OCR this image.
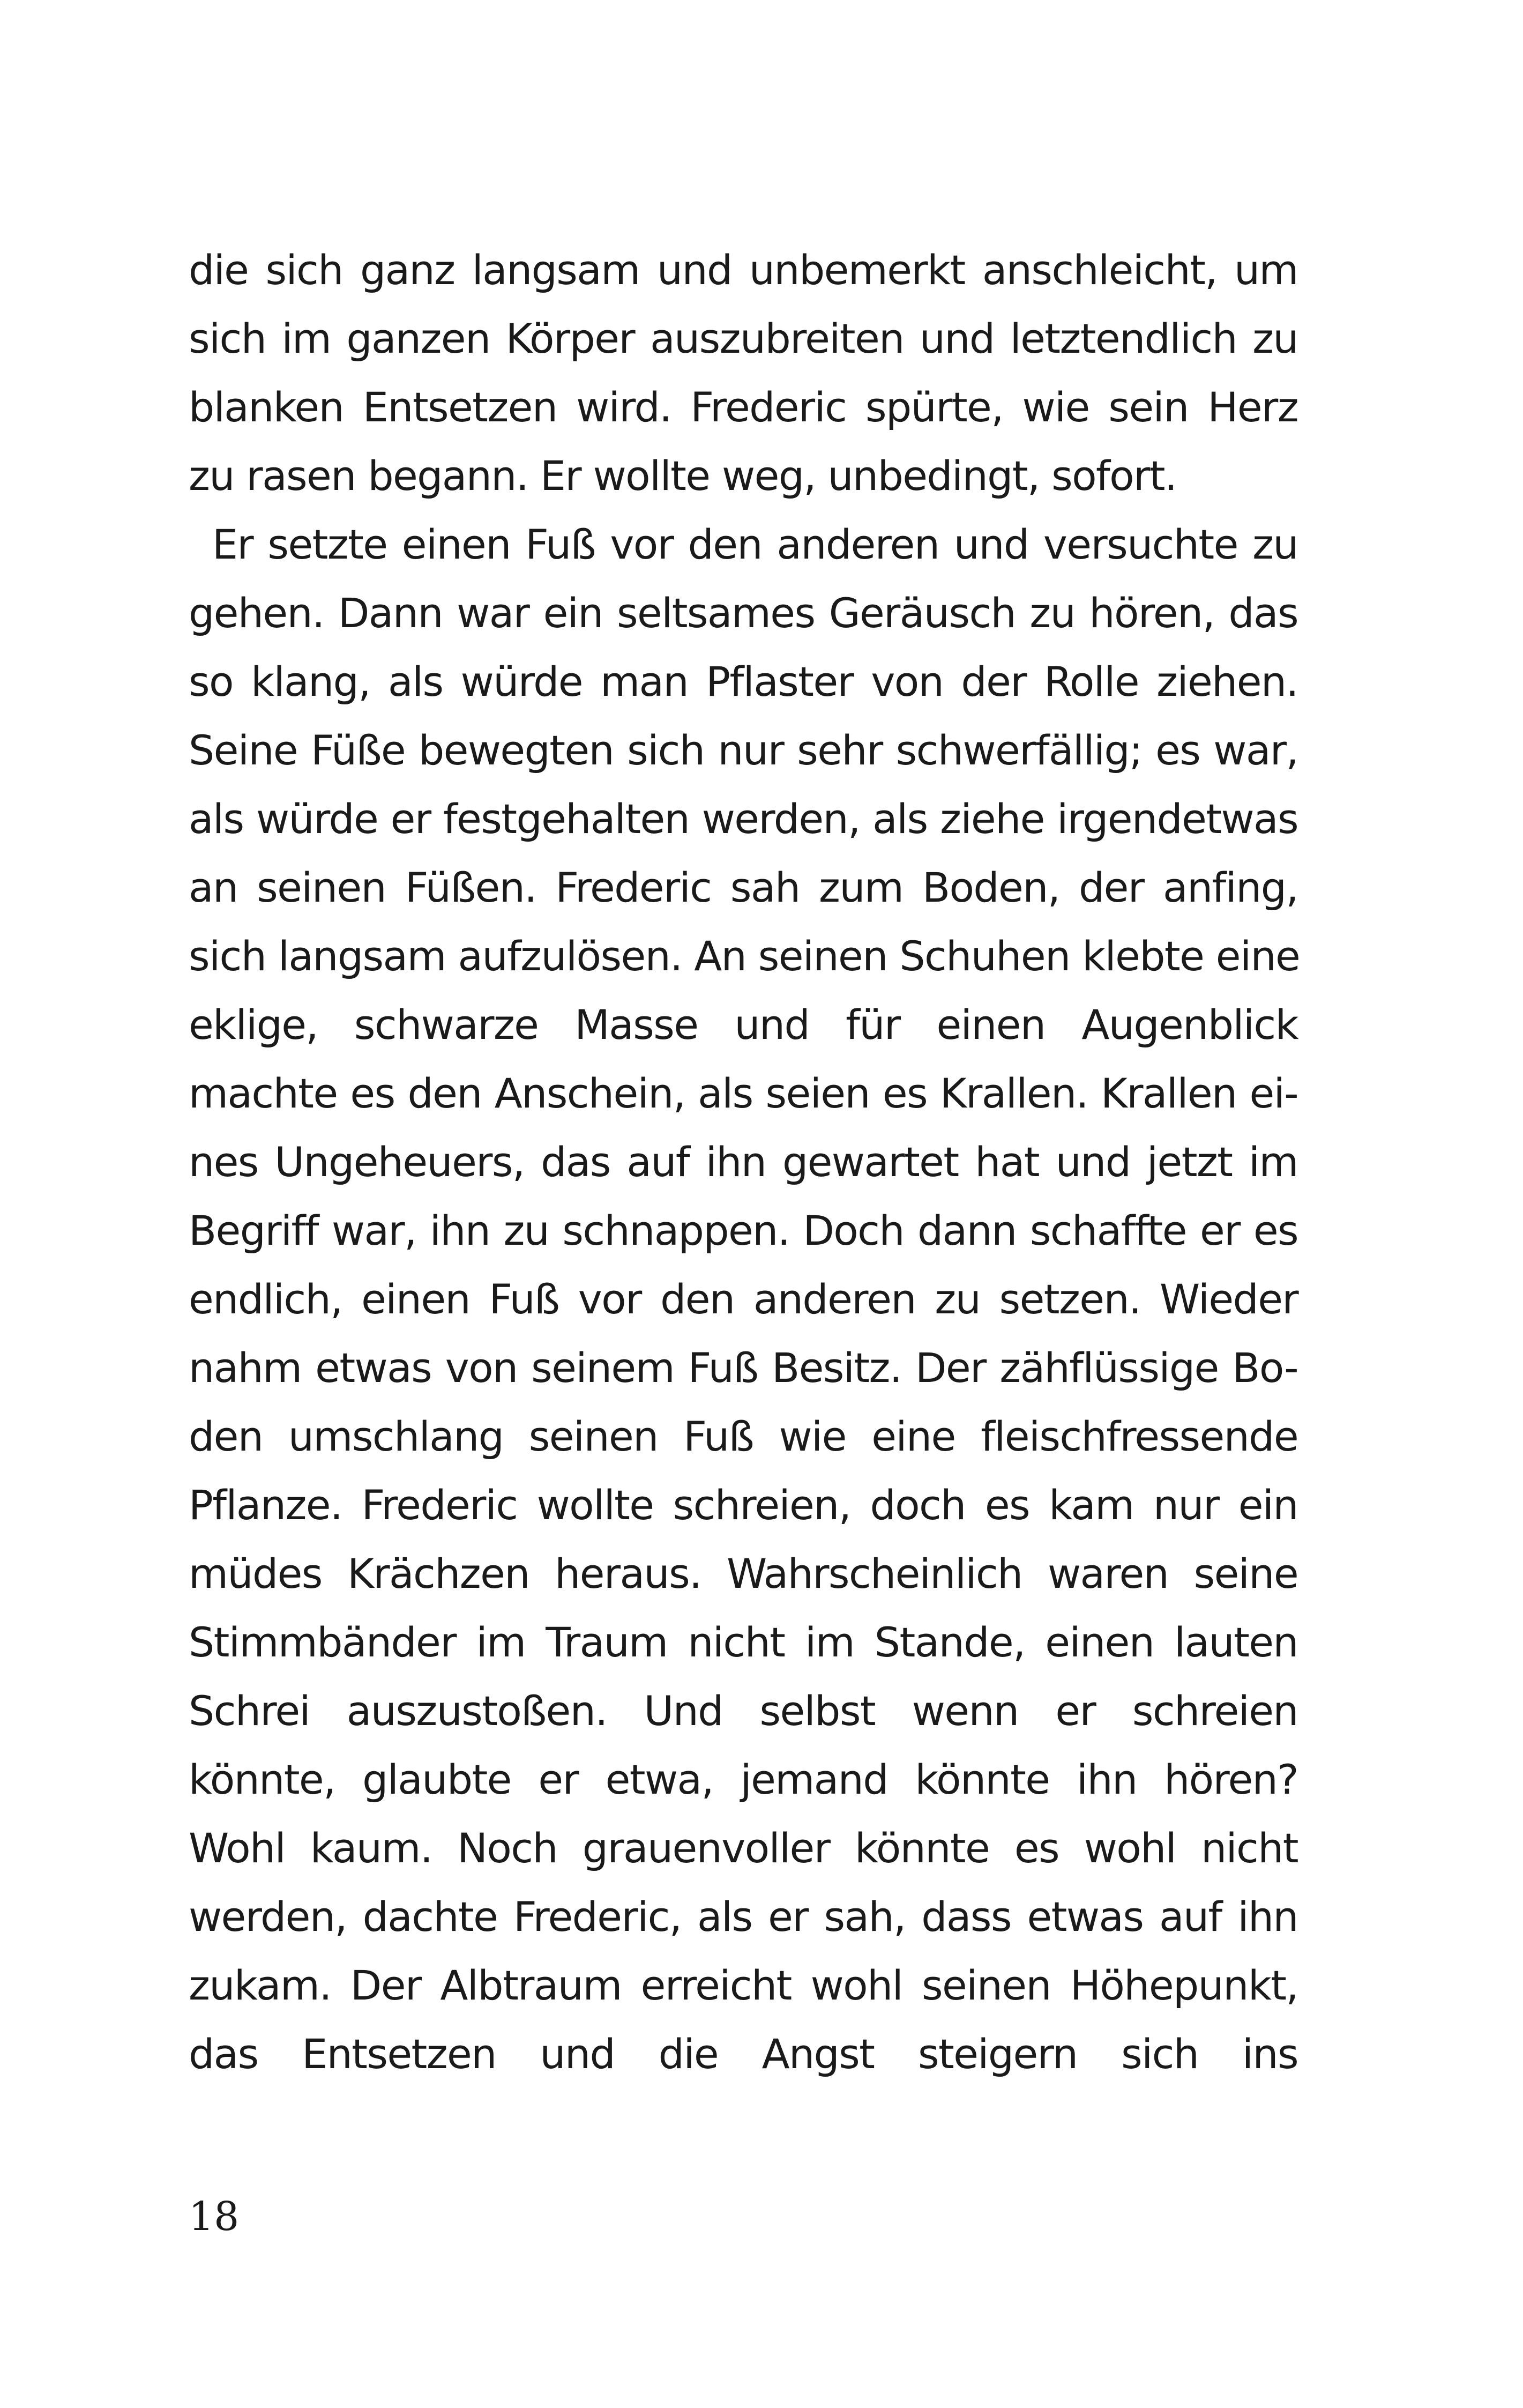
die sich ganz langsam und unbemerkt anschleicht, um
sich im ganzen Körper auszubreiten und letztendlich zu
blanken Entsetzen wird. Frederic spürte, wie sein Herz
zu rasen begann. Er wollte weg, unbedingt, sofort.
Er setzte einen Fuß vor den anderen und versuchte zu
gehen. Dann war ein seltsames Geräusch zu hören, das
so klang, als würde man Pflaster von der Rolle ziehen.
Seine Füße bewegten sich nur sehr schwerfällig; es war,
als würde er festgehalten werden, als ziehe irgendetwas
an seinen Füßen. Frederic sah zum Boden, der anfing,
sich langsam aufzulösen. An seinen Schuhen klebte eine
eklige, schwarze Masse und für einen Augenblick
machte es den Anschein, als seien es Krallen. Krallen ei-
nes Ungeheuers, das auf ihn gewartet hat und jetzt im
Begriff war, ihn zu schnappen. Doch dann schaffte er es
endlich, einen Fuß vor den anderen zu setzen. Wieder
nahm etwas von seinem Fuß Besitz. Der zähflüssige Bo-
den umschlang seinen Fuß wie eine fleischfressende
Pflanze. Frederic wollte schreien, doch es kam nur ein
müdes Krächzen heraus. Wahrscheinlich waren seine
Stimmbänder im Traum nicht im Stande, einen lauten
Schrei auszustoßen. Und selbst wenn er schreien
könnte, glaubte er etwa, jemand könnte ihn hören?
Wohl kaum. Noch grauenvoller könnte es wohl nicht
werden, dachte Frederic, als er sah, dass etwas auf ihn
zukam. Der Albtraum erreicht wohl seinen Höhepunkt,
das Entsetzen und die Angst steigern sich ins
18
